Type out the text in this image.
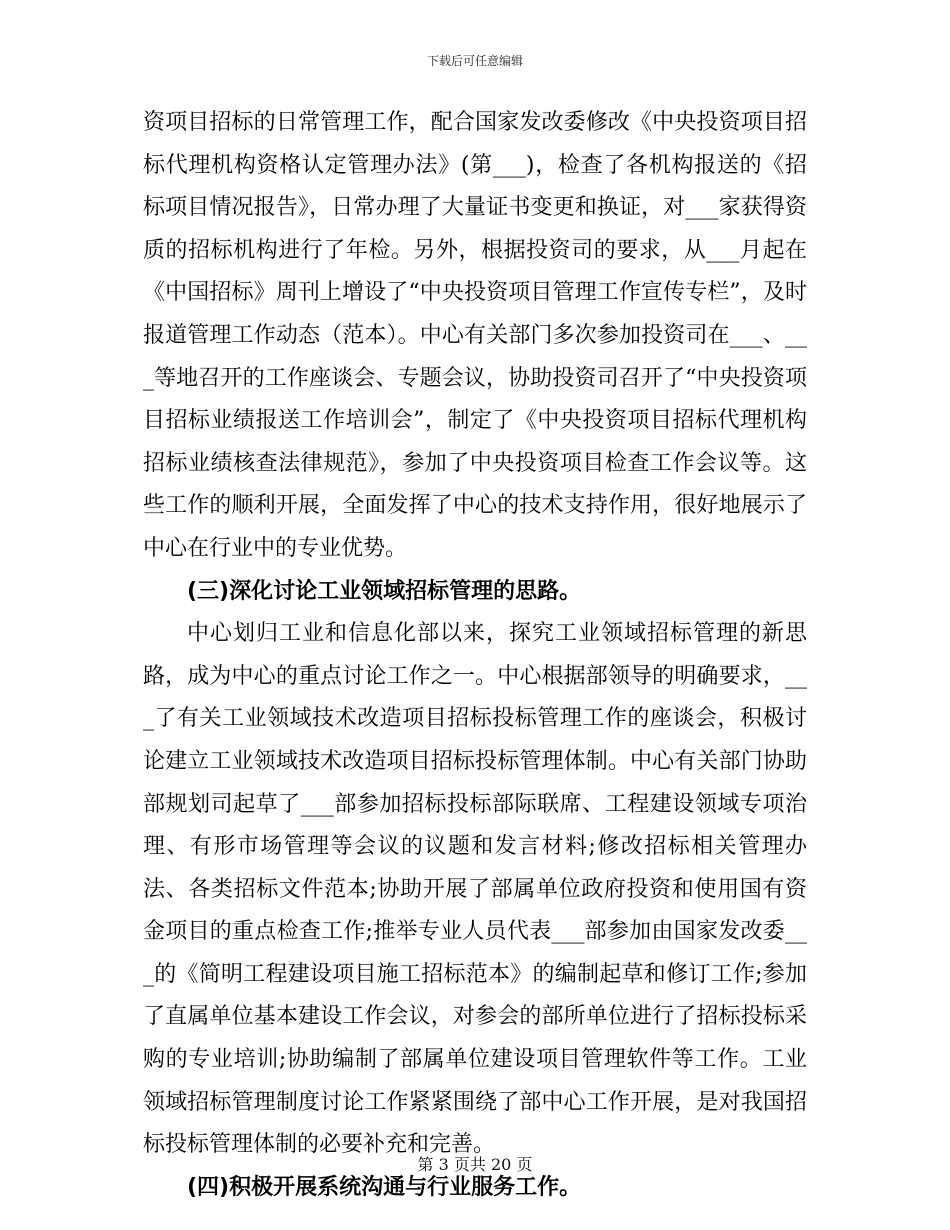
下载后可任意编辑

资项目招标的日常管理工作，配合国家发改委修改《中央投资项目招标代理机构资格认定管理办法》(第___)，检查了各机构报送的《招标项目情况报告》，日常办理了大量证书变更和换证，对___家获得资质的招标机构进行了年检。另外，根据投资司的要求，从___月起在《中国招标》周刊上增设了“中央投资项目管理工作宣传专栏”，及时报道管理工作动态（范本）。中心有关部门多次参加投资司在___、___等地召开的工作座谈会、专题会议，协助投资司召开了“中央投资项目招标业绩报送工作培训会”，制定了《中央投资项目招标代理机构招标业绩核查法律规范》，参加了中央投资项目检查工作会议等。这些工作的顺利开展，全面发挥了中心的技术支持作用，很好地展示了中心在行业中的专业优势。

(三)深化讨论工业领域招标管理的思路。

中心划归工业和信息化部以来，探究工业领域招标管理的新思路，成为中心的重点讨论工作之一。中心根据部领导的明确要求，___了有关工业领域技术改造项目招标投标管理工作的座谈会，积极讨论建立工业领域技术改造项目招标投标管理体制。中心有关部门协助部规划司起草了___部参加招标投标部际联席、工程建设领域专项治理、有形市场管理等会议的议题和发言材料;修改招标相关管理办法、各类招标文件范本;协助开展了部属单位政府投资和使用国有资金项目的重点检查工作;推举专业人员代表___部参加由国家发改委___的《简明工程建设项目施工招标范本》的编制起草和修订工作;参加了直属单位基本建设工作会议，对参会的部所单位进行了招标投标采购的专业培训;协助编制了部属单位建设项目管理软件等工作。工业领域招标管理制度讨论工作紧紧围绕了部中心工作开展，是对我国招标投标管理体制的必要补充和完善。

(四)积极开展系统沟通与行业服务工作。

第 3 页共 20 页
